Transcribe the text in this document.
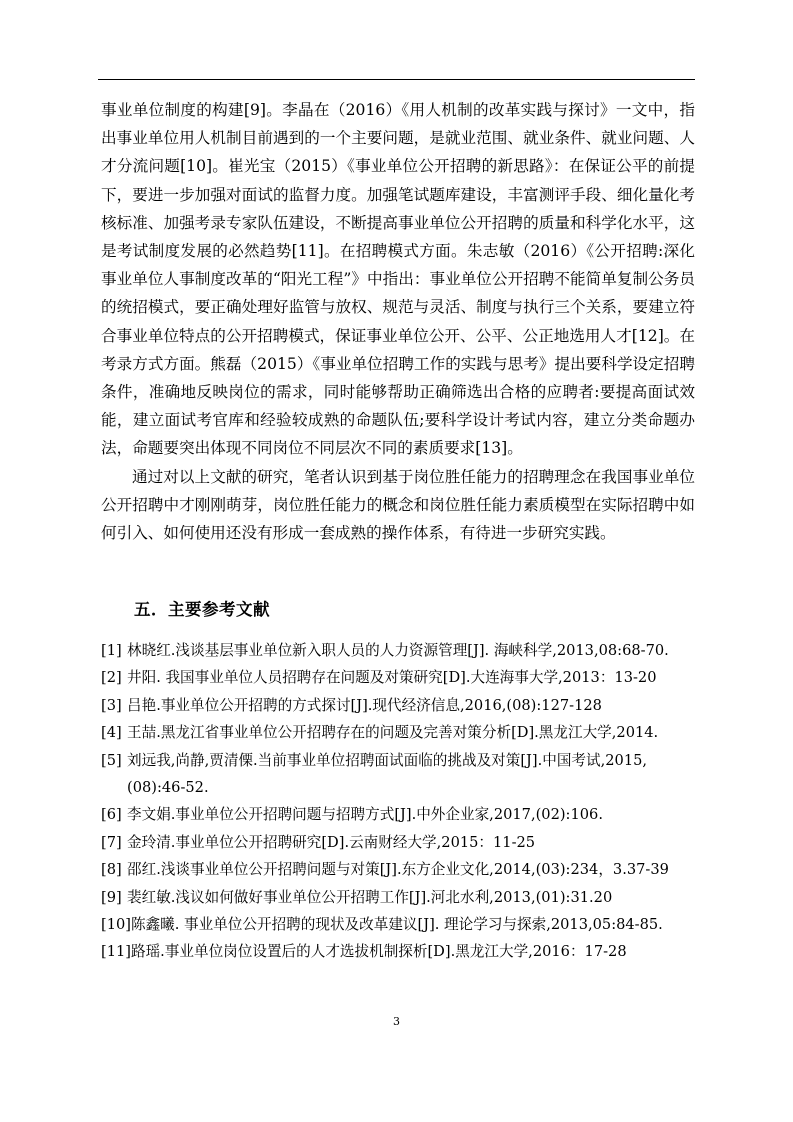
事业单位制度的构建[9]。李晶在（2016）《用人机制的改革实践与探讨》一文中，指出事业单位用人机制目前遇到的一个主要问题，是就业范围、就业条件、就业问题、人才分流问题[10]。崔光宝（2015）《事业单位公开招聘的新思路》：在保证公平的前提下，要进一步加强对面试的监督力度。加强笔试题库建设，丰富测评手段、细化量化考核标准、加强考录专家队伍建设，不断提高事业单位公开招聘的质量和科学化水平，这是考试制度发展的必然趋势[11]。在招聘模式方面。朱志敏（2016）《公开招聘:深化事业单位人事制度改革的“阳光工程”》中指出：事业单位公开招聘不能简单复制公务员的统招模式，要正确处理好监管与放权、规范与灵活、制度与执行三个关系，要建立符合事业单位特点的公开招聘模式，保证事业单位公开、公平、公正地选用人才[12]。在考录方式方面。熊磊（2015）《事业单位招聘工作的实践与思考》提出要科学设定招聘条件，准确地反映岗位的需求，同时能够帮助正确筛选出合格的应聘者:要提高面试效能，建立面试考官库和经验较成熟的命题队伍;要科学设计考试内容，建立分类命题办法，命题要突出体现不同岗位不同层次不同的素质要求[13]。

通过对以上文献的研究，笔者认识到基于岗位胜任能力的招聘理念在我国事业单位公开招聘中才刚刚萌芽，岗位胜任能力的概念和岗位胜任能力素质模型在实际招聘中如何引入、如何使用还没有形成一套成熟的操作体系，有待进一步研究实践。

五．主要参考文献
[1] 林晓红.浅谈基层事业单位新入职人员的人力资源管理[J]. 海峡科学,2013,08:68-70.
[2] 井阳. 我国事业单位人员招聘存在问题及对策研究[D].大连海事大学,2013：13-20
[3] 吕艳.事业单位公开招聘的方式探讨[J].现代经济信息,2016,(08):127-128
[4] 王喆.黑龙江省事业单位公开招聘存在的问题及完善对策分析[D].黑龙江大学,2014.
[5] 刘远我,尚静,贾清傈.当前事业单位招聘面试面临的挑战及对策[J].中国考试,2015,(08):46-52.
[6] 李文娟.事业单位公开招聘问题与招聘方式[J].中外企业家,2017,(02):106.
[7] 金玲清.事业单位公开招聘研究[D].云南财经大学,2015：11-25
[8] 邵红.浅谈事业单位公开招聘问题与对策[J].东方企业文化,2014,(03):234，3.37-39
[9] 裴红敏.浅议如何做好事业单位公开招聘工作[J].河北水利,2013,(01):31.20
[10] 陈鑫曦. 事业单位公开招聘的现状及改革建议[J]. 理论学习与探索,2013,05:84-85.
[11] 路瑶.事业单位岗位设置后的人才选拔机制探析[D].黑龙江大学,2016：17-28
3
